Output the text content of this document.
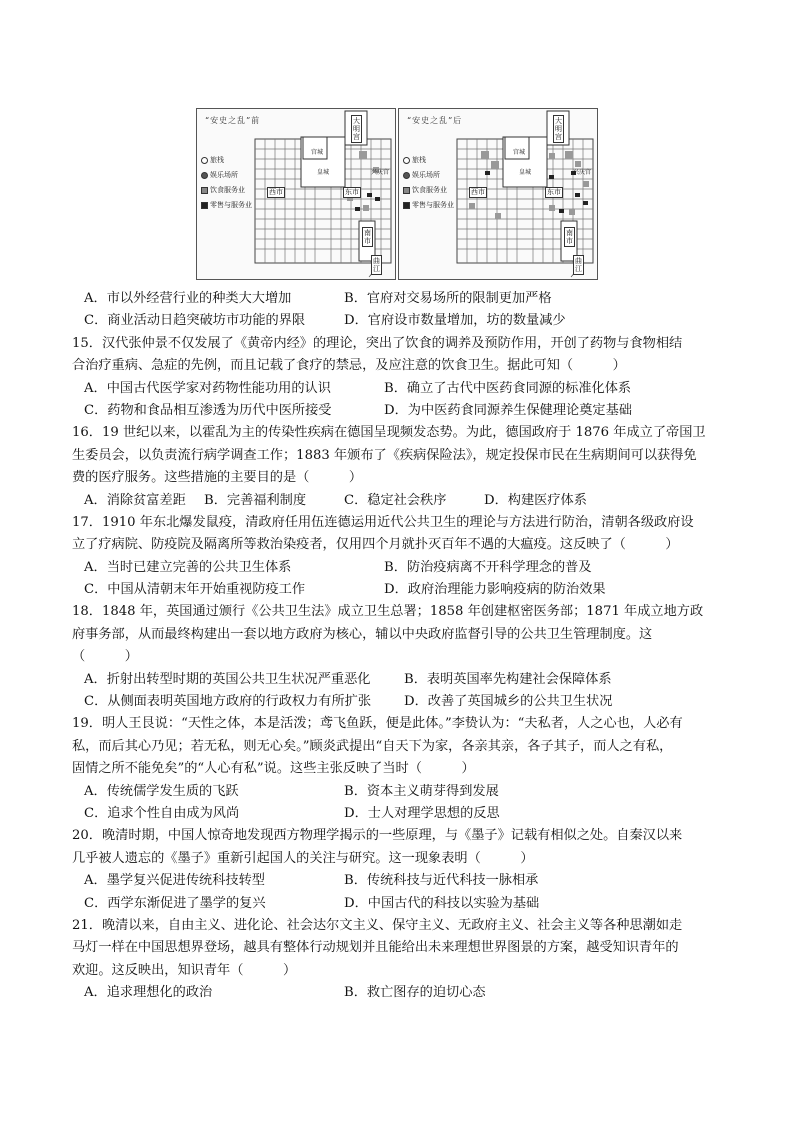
“安史之乱”前
旅栈
娱乐场所
饮食服务业
零售与服务业
大明宫
宫城
皇城
西市	东市
兴庆宫
南市
曲江
“安史之乱”后
旅栈
娱乐场所
饮食服务业
零售与服务业
大明宫
宫城
皇城
西市	东市
兴庆宫
南市
曲江
A．市以外经营行业的种类大大增加	B．官府对交易场所的限制更加严格
C．商业活动日趋突破坊市功能的界限	D．官府设市数量增加，坊的数量减少
15．汉代张仲景不仅发展了《黄帝内经》的理论，突出了饮食的调养及预防作用，开创了药物与食物相结
合治疗重病、急症的先例，而且记载了食疗的禁忌，及应注意的饮食卫生。据此可知（　　　）
A．中国古代医学家对药物性能功用的认识	B．确立了古代中医药食同源的标准化体系
C．药物和食品相互渗透为历代中医所接受	D．为中医药食同源养生保健理论奠定基础
16．19 世纪以来，以霍乱为主的传染性疾病在德国呈现频发态势。为此，德国政府于 1876 年成立了帝国卫
生委员会，以负责流行病学调查工作；1883 年颁布了《疾病保险法》，规定投保市民在生病期间可以获得免
费的医疗服务。这些措施的主要目的是（　　　）
A．消除贫富差距	B．完善福利制度	C．稳定社会秩序	D．构建医疗体系
17．1910 年东北爆发鼠疫，清政府任用伍连德运用近代公共卫生的理论与方法进行防治，清朝各级政府设
立了疗病院、防疫院及隔离所等救治染疫者，仅用四个月就扑灭百年不遇的大瘟疫。这反映了（　　　）
A．当时已建立完善的公共卫生体系	B．防治疫病离不开科学理念的普及
C．中国从清朝末年开始重视防疫工作	D．政府治理能力影响疫病的防治效果
18．1848 年，英国通过颁行《公共卫生法》成立卫生总署；1858 年创建枢密医务部；1871 年成立地方政
府事务部，从而最终构建出一套以地方政府为核心，辅以中央政府监督引导的公共卫生管理制度。这
（　　　）
A．折射出转型时期的英国公共卫生状况严重恶化	B．表明英国率先构建社会保障体系
C．从侧面表明英国地方政府的行政权力有所扩张	D．改善了英国城乡的公共卫生状况
19．明人王艮说：“天性之体，本是活泼；鸢飞鱼跃，便是此体。”李贽认为：“夫私者，人之心也，人必有
私，而后其心乃见；若无私，则无心矣。”顾炎武提出“自天下为家，各亲其亲，各子其子，而人之有私，
固情之所不能免矣”的“人心有私”说。这些主张反映了当时（　　　）
A．传统儒学发生质的飞跃	B．资本主义萌芽得到发展
C．追求个性自由成为风尚	D．士人对理学思想的反思
20．晚清时期，中国人惊奇地发现西方物理学揭示的一些原理，与《墨子》记载有相似之处。自秦汉以来
几乎被人遗忘的《墨子》重新引起国人的关注与研究。这一现象表明（　　　）
A．墨学复兴促进传统科技转型	B．传统科技与近代科技一脉相承
C．西学东渐促进了墨学的复兴	D．中国古代的科技以实验为基础
21．晚清以来，自由主义、进化论、社会达尔文主义、保守主义、无政府主义、社会主义等各种思潮如走
马灯一样在中国思想界登场，越具有整体行动规划并且能给出未来理想世界图景的方案，越受知识青年的
欢迎。这反映出，知识青年（　　　）
A．追求理想化的政治	B．救亡图存的迫切心态
